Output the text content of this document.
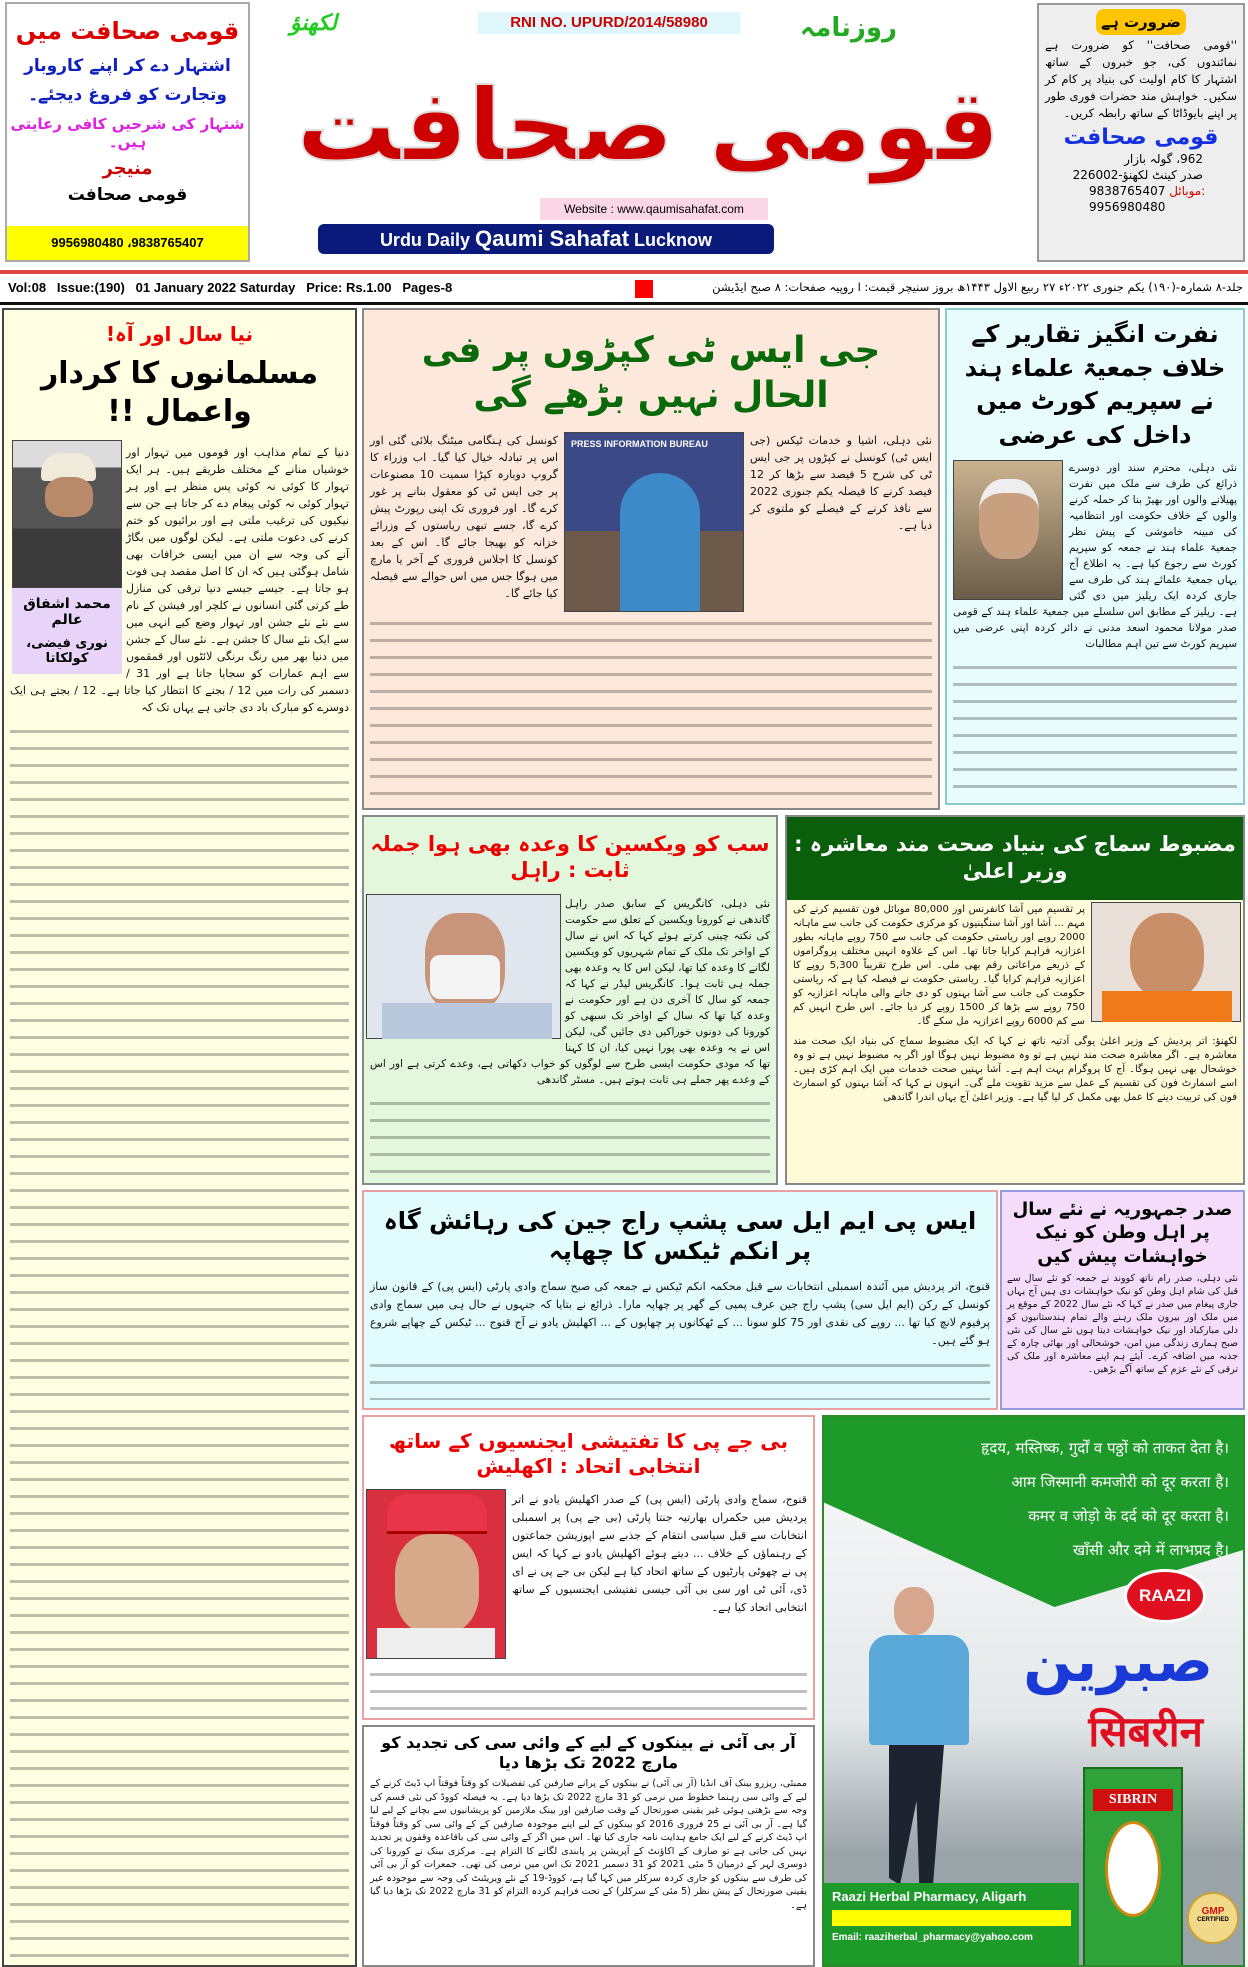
قومی صحافت میں
اشتہار دے کر اپنے کاروبار
وتجارت کو فروغ دیجئے۔
شتہار کی شرحیں کافی رعایتی ہیں۔
منیجر
قومی صحافت
9956980480 ،9838765407
RNI NO. UPURD/2014/58980
لکھنؤ	روزنامہ
قومی صحافت
Website : www.qaumisahafat.com
Urdu Daily Qaumi Sahafat Lucknow
ضرورت ہے
''قومی صحافت'' کو ضرورت ہے نمائندوں کی، جو خبروں کے ساتھ اشتہار کا کام اولیت کی بنیاد پر کام کر سکیں۔ خواہش مند حضرات فوری طور پر اپنے بایوڈاٹا کے ساتھ رابطہ کریں۔
قومی صحافت
962، گولہ بازار
صدر کینٹ لکھنؤ-226002
9838765407 موبائل:
9956980480
Vol:08 Issue:(190) 01 January 2022 Saturday Price: Rs.1.00 Pages-8	جلد-۸ شمارہ-(۱۹۰) یکم جنوری ۲۰۲۲ء ۲۷ ربیع الاول ۱۴۴۳ھ بروز سنیچر قیمت: ا روپیہ صفحات: ۸ صبح ایڈیشن
نیا سال اور آہ!
مسلمانوں کا کردار واعمال !!
محمد اشفاق عالم
نوری فیضی، کولکاتا
دنیا کے تمام مذاہب اور قوموں میں تہوار اور خوشیاں منانے کے مختلف طریقے ہیں۔ ہر ایک تہوار کا کوئی نہ کوئی پس منظر ہے اور ہر تہوار کوئی نہ کوئی پیغام دے کر جاتا ہے جن سے نیکیوں کی ترغیب ملتی ہے اور برائیوں کو ختم کرنے کی دعوت ملتی ہے۔ لیکن لوگوں میں بگاڑ آنے کی وجہ سے ان میں ایسی خرافات بھی شامل ہوگئی ہیں کہ ان کا اصل مقصد ہی فوت ہو جاتا ہے۔ جیسے جیسے دنیا ترقی کی منازل طے کرتی گئی انسانوں نے کلچر اور فیشن کے نام سے نئے نئے جشن اور تہوار وضع کیے انہی میں سے ایک نئے سال کا جشن ہے۔ نئے سال کے جشن میں دنیا بھر میں رنگ برنگی لائٹوں اور قمقموں سے اہم عمارات کو سجایا جاتا ہے اور 31 / دسمبر کی رات میں 12 / بجنے کا انتظار کیا جاتا ہے۔ 12 / بجتے ہی ایک دوسرے کو مبارک باد دی جاتی ہے یہاں تک کہ
جی ایس ٹی کپڑوں پر فی الحال نہیں بڑھے گی
کونسل کی ہنگامی میٹنگ بلائی گئی اور اس پر تبادلہ خیال کیا گیا۔ اب وزراء کا گروپ دوبارہ کپڑا سمیت 10 مصنوعات پر جی ایس ٹی کو معقول بنانے پر غور کرے گا۔ اور فروری تک اپنی رپورٹ پیش کرے گا، جسے تبھی ریاستوں کے وزرائے خزانہ کو بھیجا جائے گا۔ اس کے بعد کونسل کا اجلاس فروری کے آخر یا مارچ میں ہوگا جس میں اس حوالے سے فیصلہ کیا جائے گا۔
PRESS INFORMATION BUREAU	نئی دہلی، اشیا و خدمات ٹیکس (جی ایس ٹی) کونسل نے کپڑوں پر جی ایس ٹی کی شرح 5 فیصد سے بڑھا کر 12 فیصد کرنے کا فیصلہ یکم جنوری 2022 سے نافذ کرنے کے فیصلے کو ملتوی کر دیا ہے۔
نفرت انگیز تقاریر کے خلاف جمعیۃ علماء ہند نے سپریم کورٹ میں داخل کی عرضی
نئی دہلی، محترم سند اور دوسرے ذرائع کی طرف سے ملک میں نفرت پھیلانے والوں اور بھیڑ بنا کر حملہ کرنے والوں کے خلاف حکومت اور انتظامیہ کی مبینہ خاموشی کے پیش نظر جمعیۃ علماء ہند نے جمعہ کو سپریم کورٹ سے رجوع کیا ہے۔ یہ اطلاع آج یہاں جمعیۃ علمائے ہند کی طرف سے جاری کردہ ایک ریلیز میں دی گئی ہے۔ ریلیز کے مطابق اس سلسلے میں جمعیۃ علماء ہند کے قومی صدر مولانا محمود اسعد مدنی نے دائر کردہ اپنی عرضی میں سپریم کورٹ سے تین اہم مطالبات
سب کو ویکسین کا وعدہ بھی ہوا جملہ ثابت : راہل
نئی دہلی، کانگریس کے سابق صدر راہل گاندھی نے کورونا ویکسین کے تعلق سے حکومت کی نکتہ چینی کرتے ہوئے کہا کہ اس نے سال کے اواخر تک ملک کے تمام شہریوں کو ویکسین لگانے کا وعدہ کیا تھا، لیکن اس کا یہ وعدہ بھی جملہ ہی ثابت ہوا۔ کانگریس لیڈر نے کہا کہ جمعہ کو سال کا آخری دن ہے اور حکومت نے وعدہ کیا تھا کہ سال کے اواخر تک سبھی کو کورونا کی دونوں خوراکیں دی جائیں گی، لیکن اس نے یہ وعدہ بھی پورا نہیں کیا، ان کا کہنا تھا کہ مودی حکومت ایسی طرح سے لوگوں کو خواب دکھاتی ہے، وعدے کرتی ہے اور اس کے وعدے پھر جملے ہی ثابت ہوتے ہیں۔ مسٹر گاندھی
مضبوط سماج کی بنیاد صحت مند معاشرہ : وزیر اعلیٰ
پر تقسیم میں آشا کانفرنس اور 80,000 موبائل فون تقسیم کرنے کی مہم ... آشا اور آشا سنگینیوں کو مرکزی حکومت کی جانب سے ماہانہ 2000 روپے اور ریاستی حکومت کی جانب سے 750 روپے ماہانہ بطور اعزازیہ فراہم کرایا جاتا تھا۔ اس کے علاوہ انہیں مختلف پروگراموں کے ذریعے مراعاتی رقم بھی ملی۔ اس طرح تقریباً 5,300 روپے کا اعزازیہ فراہم کرایا گیا۔ ریاستی حکومت نے فیصلہ کیا ہے کہ ریاستی حکومت کی جانب سے آشا بہنوں کو دی جانے والی ماہانہ اعزازیہ کو 750 روپے سے بڑھا کر 1500 روپے کر دیا جائے۔ اس طرح انہیں کم سے کم 6000 روپے اعزازیہ مل سکے گا۔
لکھنؤ: اتر پردیش کے وزیر اعلیٰ یوگی آدتیہ ناتھ نے کہا کہ ایک مضبوط سماج کی بنیاد ایک صحت مند معاشرہ ہے۔ اگر معاشرہ صحت مند نہیں ہے تو وہ مضبوط نہیں ہوگا اور اگر یہ مضبوط نہیں ہے تو وہ خوشحال بھی نہیں ہوگا۔ آج کا پروگرام بہت اہم ہے۔ آشا بہنیں صحت خدمات میں ایک اہم کڑی ہیں۔ اسے اسمارٹ فون کی تقسیم کے عمل سے مزید تقویت ملے گی۔ انہوں نے کہا کہ آشا بہنوں کو اسمارٹ فون کی تربیت دینے کا عمل بھی مکمل کر لیا گیا ہے۔ وزیر اعلیٰ آج یہاں اندرا گاندھی
ایس پی ایم ایل سی پشپ راج جین کی رہائش گاہ پر انکم ٹیکس کا چھاپہ
قنوج، اتر پردیش میں آئندہ اسمبلی انتخابات سے قبل محکمہ انکم ٹیکس نے جمعہ کی صبح سماج وادی پارٹی (ایس پی) کے قانون ساز کونسل کے رکن (ایم ایل سی) پشپ راج جین عرف پمپی کے گھر پر چھاپہ مارا۔ ذرائع نے بتایا کہ جنہوں نے حال ہی میں سماج وادی پرفیوم لانچ کیا تھا ... روپے کی نقدی اور 75 کلو سونا ... کے ٹھکانوں پر چھاپوں کے ... اکھلیش یادو نے آج قنوج ... ٹیکس کے چھاپے شروع ہو گئے ہیں۔
صدر جمہوریہ نے نئے سال پر اہل وطن کو نیک خواہشات پیش کیں
نئی دہلی، صدر رام ناتھ کووند نے جمعہ کو نئے سال سے قبل کی شام اہل وطن کو نیک خواہشات دی ہیں آج یہاں جاری پیغام میں صدر نے کہا کہ نئے سال 2022 کے موقع پر میں ملک اور بیرون ملک رہنے والے تمام ہندستانیوں کو دلی مبارکباد اور نیک خواہشات دیتا ہوں نئے سال کی نئی صبح ہماری زندگی میں امن، خوشحالی اور بھائی چارہ کے جذبہ میں اضافہ کرے۔ آیئے ہم اپنے معاشرہ اور ملک کی ترقی کے نئے عزم کے ساتھ آگے بڑھیں۔
بی جے پی کا تفتیشی ایجنسیوں کے ساتھ انتخابی اتحاد : اکھلیش
قنوج، سماج وادی پارٹی (ایس پی) کے صدر اکھلیش یادو نے اتر پردیش میں حکمراں بھارتیہ جنتا پارٹی (بی جے پی) پر اسمبلی انتخابات سے قبل سیاسی انتقام کے جذبے سے اپوزیشن جماعتوں کے رہنماؤں کے خلاف ... دیتے ہوئے اکھلیش یادو نے کہا کہ ایس پی نے چھوٹی پارٹیوں کے ساتھ اتحاد کیا ہے لیکن بی جے پی نے ای ڈی، آئی ٹی اور سی بی آئی جیسی تفتیشی ایجنسیوں کے ساتھ انتخابی اتحاد کیا ہے۔
آر بی آئی نے بینکوں کے لیے کے وائی سی کی تجدید کو مارچ 2022 تک بڑھا دیا
ممبئی، ریزرو بینک آف انڈیا (آر بی آئی) نے بینکوں کے پرانے صارفین کی تفصیلات کو وقتاً فوقتاً اپ ڈیٹ کرنے کے لیے کے وائی سی رہنما خطوط میں نرمی کو 31 مارچ 2022 تک بڑھا دیا ہے۔ یہ فیصلہ کووڈ کی نئی قسم کی وجہ سے بڑھتی ہوئی غیر یقینی صورتحال کے وقت صارفین اور بینک ملازمین کو پریشانیوں سے بچانے کے لیے لیا گیا ہے۔ آر بی آئی نے 25 فروری 2016 کو بینکوں کے لیے اپنے موجودہ صارفین کے کے وائی سی کو وقتاً فوقتاً اپ ڈیٹ کرنے کے لیے ایک جامع ہدایت نامہ جاری کیا تھا۔ اس میں اگر کے وائی سی کی باقاعدہ وقفوں پر تجدید نہیں کی جاتی ہے تو صارف کے اکاؤنٹ کے آپریشن پر پابندی لگانے کا التزام ہے۔ مرکزی بینک نے کورونا کی دوسری لہر کے درمیان 5 مئی 2021 کو 31 دسمبر 2021 تک اس میں نرمی کی تھی۔ جمعرات کو آر بی آئی کی طرف سے بینکوں کو جاری کردہ سرکلر میں کہا گیا ہے، کووڈ-19 کے نئے ویریئنٹ کی وجہ سے موجودہ غیر یقینی صورتحال کے پیش نظر (5 مئی کے سرکلر) کے تحت فراہم کردہ التزام کو 31 مارچ 2022 تک بڑھا دیا گیا ہے۔
हृदय, मस्तिष्क, गुर्दों व पठ्ठों को ताकत देता है।
आम जिस्मानी कमजोरी को दूर करता है।
कमर व जोड़ो के दर्द को दूर करता है।
खाँसी और दमे में लाभप्रद है।
RAAZI
صبرین
सिबरीन
SIBRIN
GMP
CERTIFIED
Raazi Herbal Pharmacy, Aligarh
Email: raaziherbal_pharmacy@yahoo.com
